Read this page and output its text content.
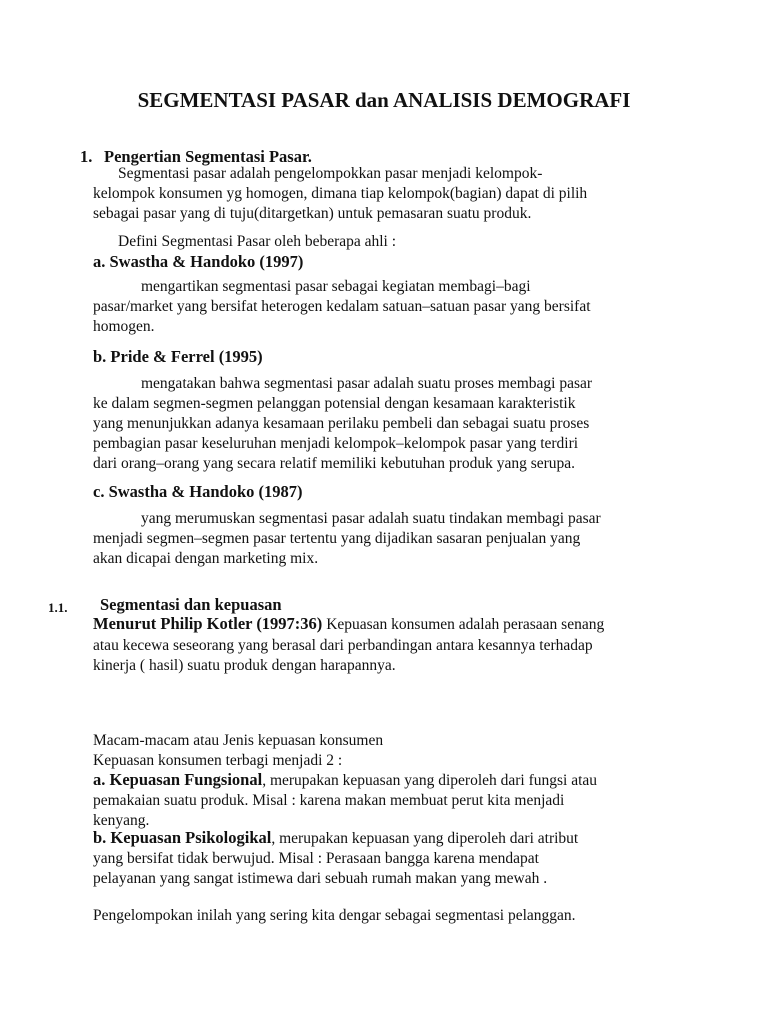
SEGMENTASI PASAR dan ANALISIS DEMOGRAFI
1. Pengertian Segmentasi Pasar.
Segmentasi pasar adalah pengelompokkan pasar menjadi kelompok-
kelompok konsumen yg homogen, dimana tiap kelompok(bagian) dapat di pilih
sebagai pasar yang di tuju(ditargetkan) untuk pemasaran suatu produk.
Defini Segmentasi Pasar oleh beberapa ahli :
a. Swastha & Handoko (1997)
mengartikan segmentasi pasar sebagai kegiatan membagi–bagi
pasar/market yang bersifat heterogen kedalam satuan–satuan pasar yang bersifat
homogen.
b. Pride & Ferrel (1995)
mengatakan bahwa segmentasi pasar adalah suatu proses membagi pasar
ke dalam segmen-segmen pelanggan potensial dengan kesamaan karakteristik
yang menunjukkan adanya kesamaan perilaku pembeli dan sebagai suatu proses
pembagian pasar keseluruhan menjadi kelompok–kelompok pasar yang terdiri
dari orang–orang yang secara relatif memiliki kebutuhan produk yang serupa.
c. Swastha & Handoko (1987)
yang merumuskan segmentasi pasar adalah suatu tindakan membagi pasar
menjadi segmen–segmen pasar tertentu yang dijadikan sasaran penjualan yang
akan dicapai dengan marketing mix.
1.1. Segmentasi dan kepuasan
Menurut Philip Kotler (1997:36) Kepuasan konsumen adalah perasaan senang
atau kecewa seseorang yang berasal dari perbandingan antara kesannya terhadap
kinerja ( hasil) suatu produk dengan harapannya.
Macam-macam atau Jenis kepuasan konsumen
Kepuasan konsumen terbagi menjadi 2 :
a. Kepuasan Fungsional, merupakan kepuasan yang diperoleh dari fungsi atau
pemakaian suatu produk. Misal : karena makan membuat perut kita menjadi
kenyang.
b. Kepuasan Psikologikal, merupakan kepuasan yang diperoleh dari atribut
yang bersifat tidak berwujud. Misal : Perasaan bangga karena mendapat
pelayanan yang sangat istimewa dari sebuah rumah makan yang mewah .
Pengelompokan inilah yang sering kita dengar sebagai segmentasi pelanggan.
